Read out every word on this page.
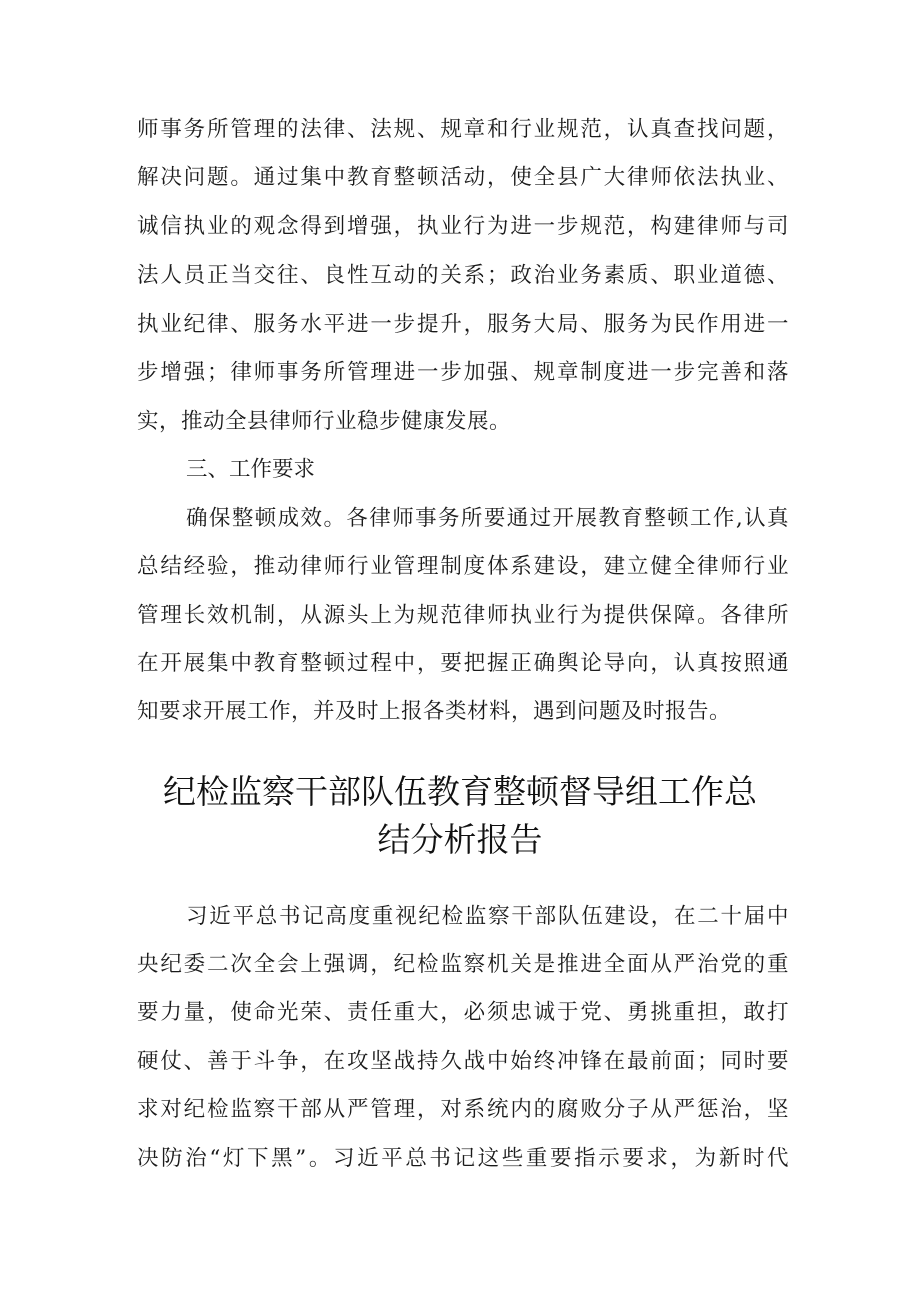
师事务所管理的法律、法规、规章和行业规范，认真查找问题，
解决问题。通过集中教育整顿活动，使全县广大律师依法执业、
诚信执业的观念得到增强，执业行为进一步规范，构建律师与司
法人员正当交往、良性互动的关系；政治业务素质、职业道德、
执业纪律、服务水平进一步提升，服务大局、服务为民作用进一
步增强；律师事务所管理进一步加强、规章制度进一步完善和落
实，推动全县律师行业稳步健康发展。
三、工作要求
确保整顿成效。各律师事务所要通过开展教育整顿工作,认真
总结经验，推动律师行业管理制度体系建设，建立健全律师行业
管理长效机制，从源头上为规范律师执业行为提供保障。各律所
在开展集中教育整顿过程中，要把握正确舆论导向，认真按照通
知要求开展工作，并及时上报各类材料，遇到问题及时报告。
纪检监察干部队伍教育整顿督导组工作总
结分析报告
习近平总书记高度重视纪检监察干部队伍建设，在二十届中
央纪委二次全会上强调，纪检监察机关是推进全面从严治党的重
要力量，使命光荣、责任重大，必须忠诚于党、勇挑重担，敢打
硬仗、善于斗争，在攻坚战持久战中始终冲锋在最前面；同时要
求对纪检监察干部从严管理，对系统内的腐败分子从严惩治，坚
决防治“灯下黑”。习近平总书记这些重要指示要求，为新时代
